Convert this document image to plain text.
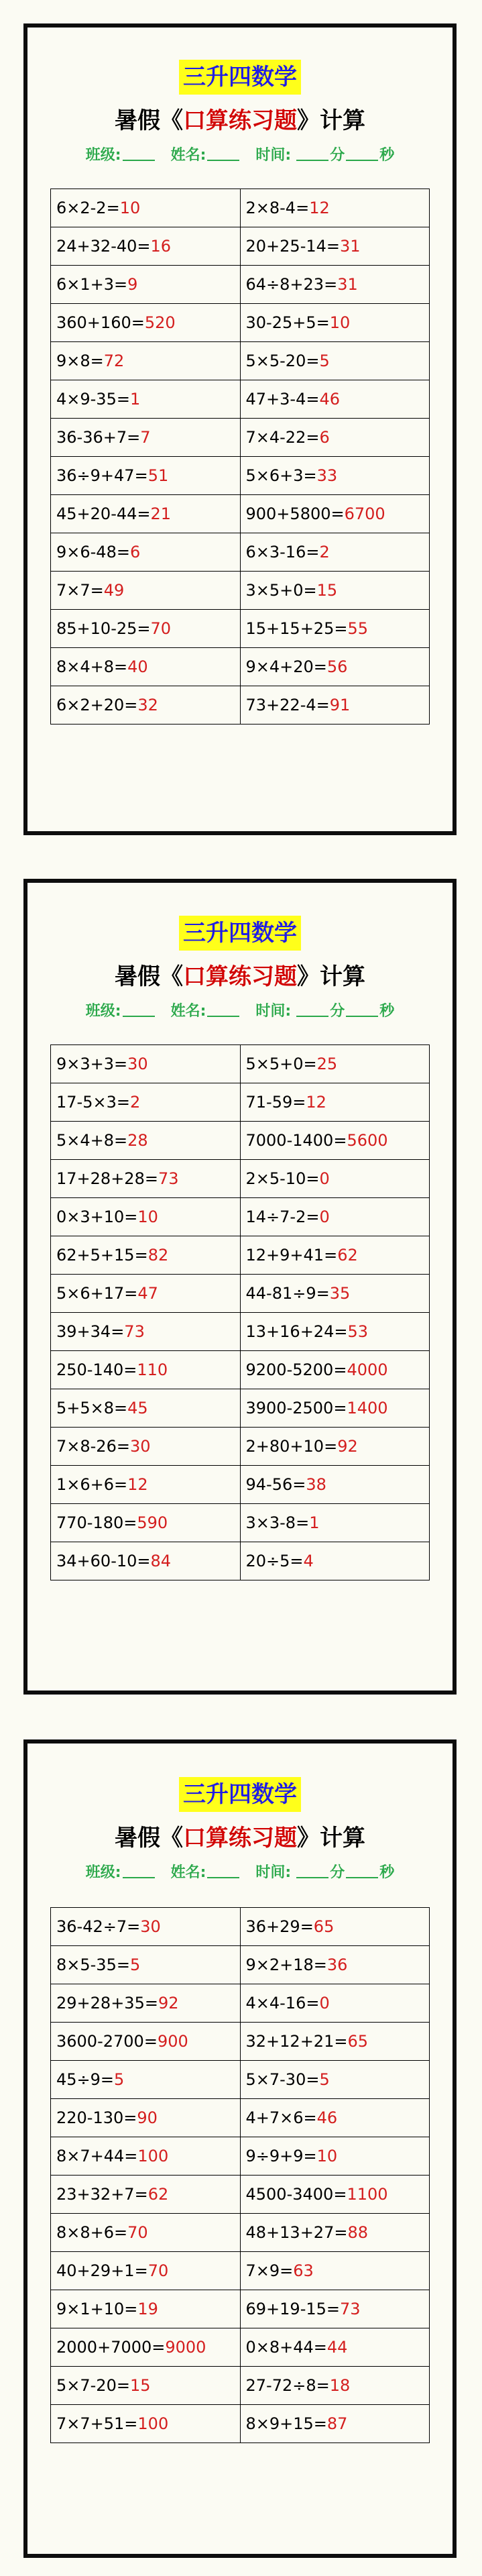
三升四数学
暑假《口算练习题》计算
班级:	姓名:	时间:	分 秒
6×2-2=10	2×8-4=12
24+32-40=16	20+25-14=31
6×1+3=9	64÷8+23=31
360+160=520	30-25+5=10
9×8=72	5×5-20=5
4×9-35=1	47+3-4=46
36-36+7=7	7×4-22=6
36÷9+47=51	5×6+3=33
45+20-44=21	900+5800=6700
9×6-48=6	6×3-16=2
7×7=49	3×5+0=15
85+10-25=70	15+15+25=55
8×4+8=40	9×4+20=56
6×2+20=32	73+22-4=91
三升四数学
暑假《口算练习题》计算
班级:	姓名:	时间:	分 秒
9×3+3=30	5×5+0=25
17-5×3=2	71-59=12
5×4+8=28	7000-1400=5600
17+28+28=73	2×5-10=0
0×3+10=10	14÷7-2=0
62+5+15=82	12+9+41=62
5×6+17=47	44-81÷9=35
39+34=73	13+16+24=53
250-140=110	9200-5200=4000
5+5×8=45	3900-2500=1400
7×8-26=30	2+80+10=92
1×6+6=12	94-56=38
770-180=590	3×3-8=1
34+60-10=84	20÷5=4
三升四数学
暑假《口算练习题》计算
班级:	姓名:	时间:	分 秒
36-42÷7=30	36+29=65
8×5-35=5	9×2+18=36
29+28+35=92	4×4-16=0
3600-2700=900	32+12+21=65
45÷9=5	5×7-30=5
220-130=90	4+7×6=46
8×7+44=100	9÷9+9=10
23+32+7=62	4500-3400=1100
8×8+6=70	48+13+27=88
40+29+1=70	7×9=63
9×1+10=19	69+19-15=73
2000+7000=9000	0×8+44=44
5×7-20=15	27-72÷8=18
7×7+51=100	8×9+15=87
